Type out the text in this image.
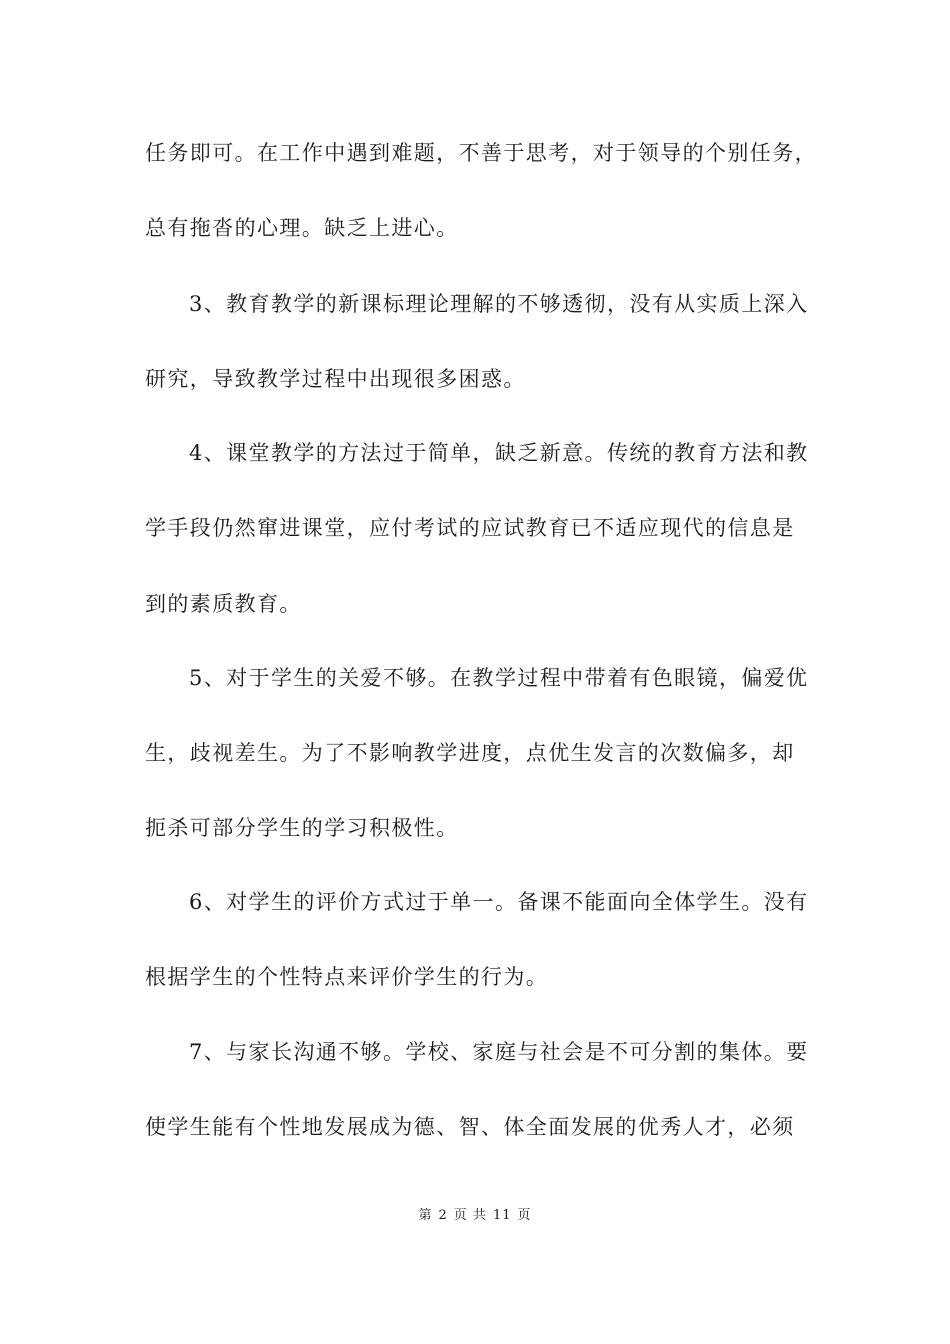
任务即可。在工作中遇到难题，不善于思考，对于领导的个别任务，
总有拖沓的心理。缺乏上进心。
3、教育教学的新课标理论理解的不够透彻，没有从实质上深入
研究，导致教学过程中出现很多困惑。
4、课堂教学的方法过于简单，缺乏新意。传统的教育方法和教
学手段仍然窜进课堂，应付考试的应试教育已不适应现代的信息是
到的素质教育。
5、对于学生的关爱不够。在教学过程中带着有色眼镜，偏爱优
生，歧视差生。为了不影响教学进度，点优生发言的次数偏多，却
扼杀可部分学生的学习积极性。
6、对学生的评价方式过于单一。备课不能面向全体学生。没有
根据学生的个性特点来评价学生的行为。
7、与家长沟通不够。学校、家庭与社会是不可分割的集体。要
使学生能有个性地发展成为德、智、体全面发展的优秀人才，必须
第 2 页 共 11 页
